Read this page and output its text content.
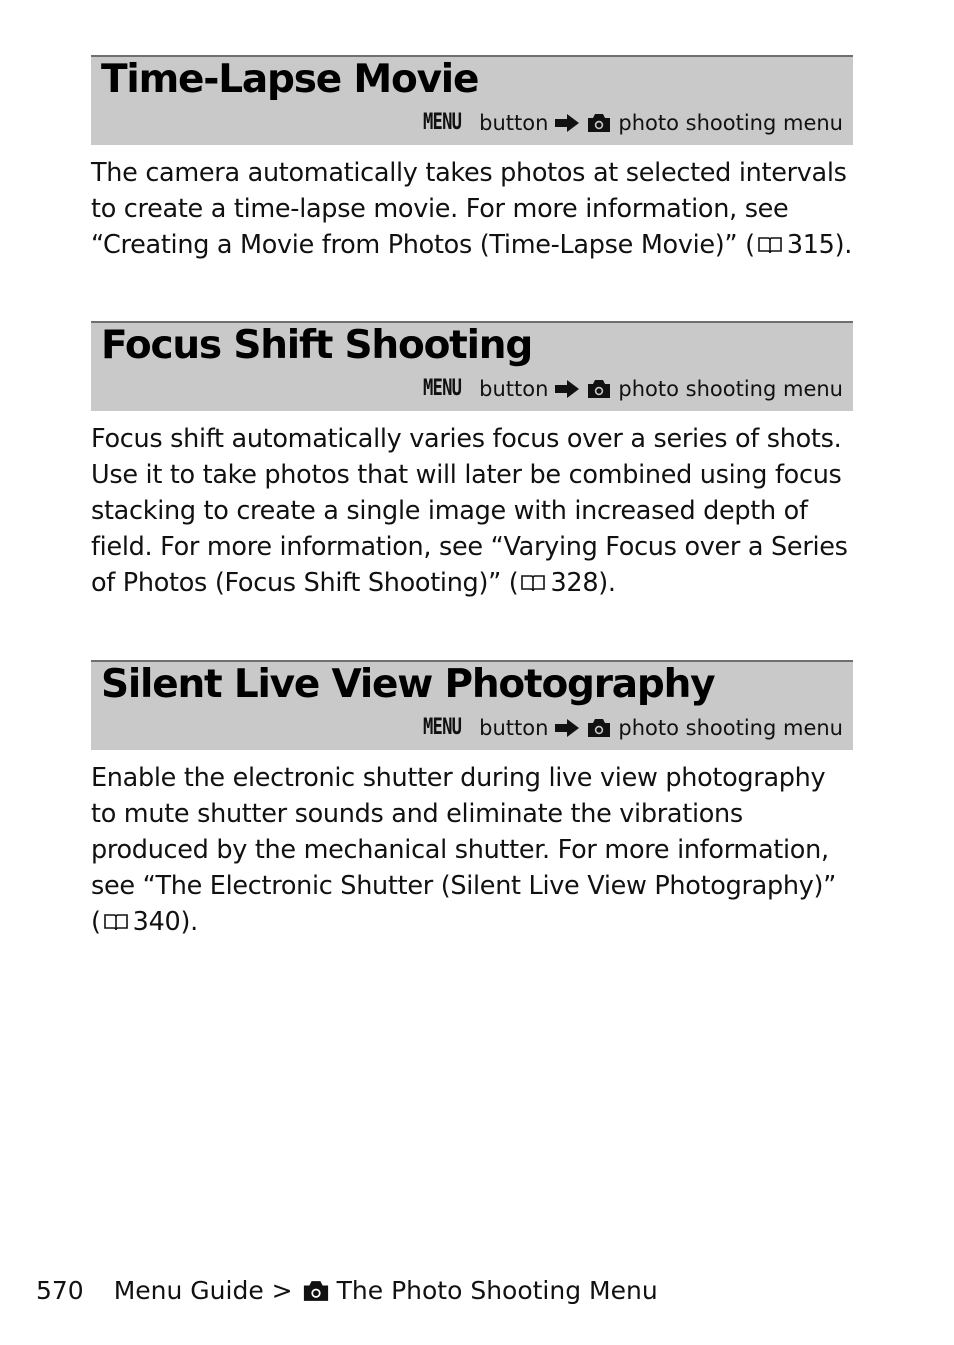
Time-Lapse Movie
MENU button	photo shooting menu
The camera automatically takes photos at selected intervals to create a time-lapse movie. For more information, see “Creating a Movie from Photos (Time-Lapse Movie)” ( 315).
Focus Shift Shooting
MENU button	photo shooting menu
Focus shift automatically varies focus over a series of shots. Use it to take photos that will later be combined using focus stacking to create a single image with increased depth of field. For more information, see “Varying Focus over a Series of Photos (Focus Shift Shooting)” ( 328).
Silent Live View Photography
MENU button	photo shooting menu
Enable the electronic shutter during live view photography to mute shutter sounds and eliminate the vibrations produced by the mechanical shutter. For more information, see “The Electronic Shutter (Silent Live View Photography)” ( 340).
570 Menu Guide > The Photo Shooting Menu
